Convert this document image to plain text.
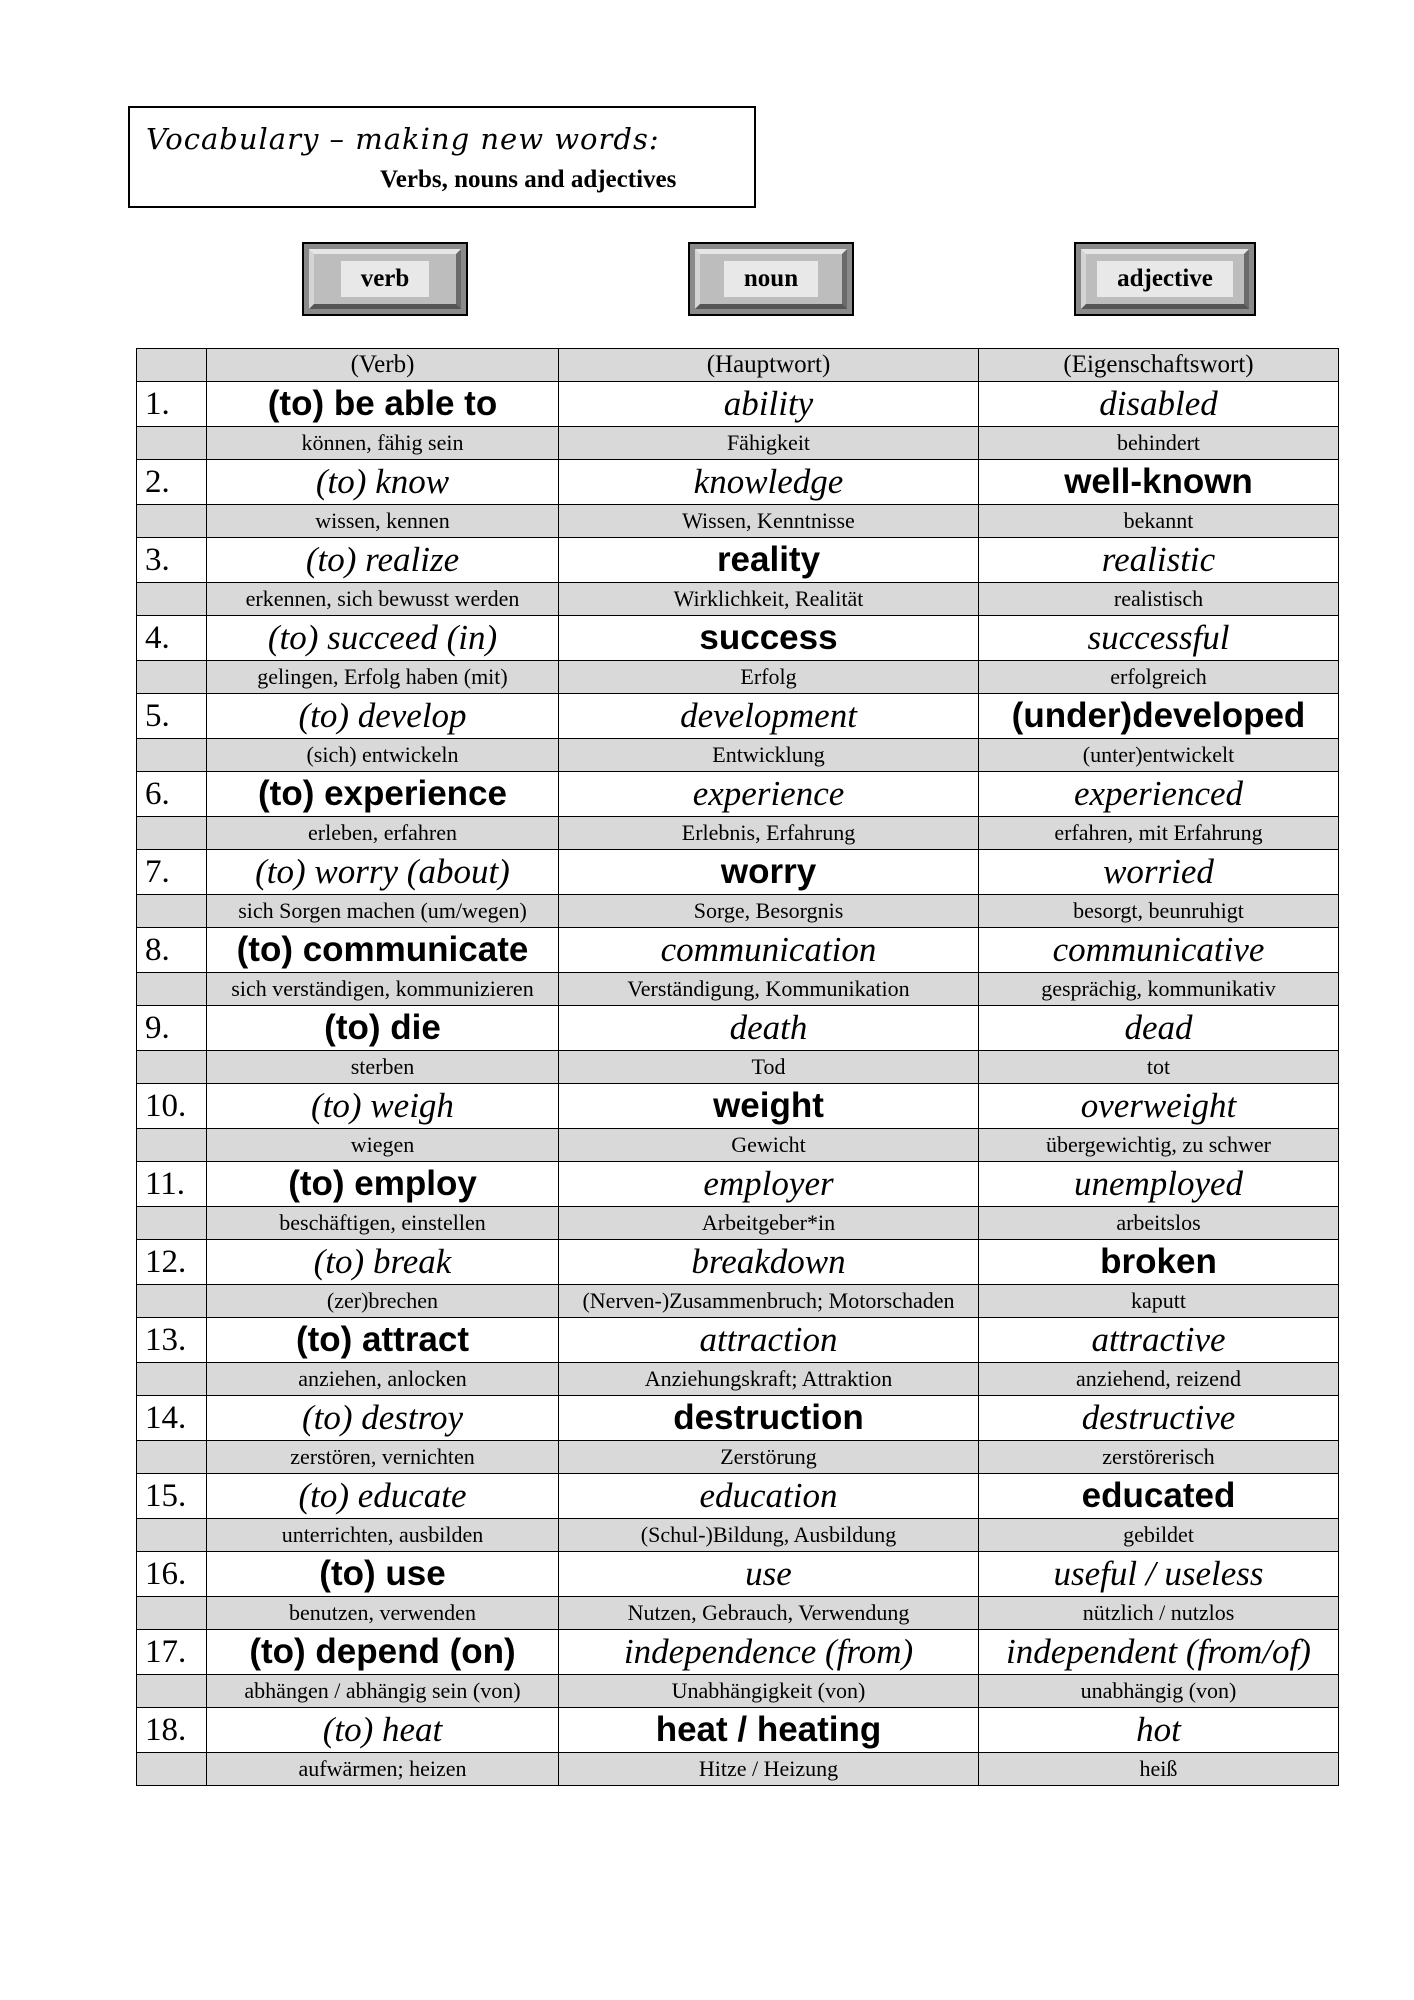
Vocabulary – making new words:
Verbs, nouns and adjectives
verb	noun	adjective
	(Verb)	(Hauptwort)	(Eigenschaftswort)
1.	(to) be able to	ability	disabled
	können, fähig sein	Fähigkeit	behindert
2.	(to) know	knowledge	well-known
	wissen, kennen	Wissen, Kenntnisse	bekannt
3.	(to) realize	reality	realistic
	erkennen, sich bewusst werden	Wirklichkeit, Realität	realistisch
4.	(to) succeed (in)	success	successful
	gelingen, Erfolg haben (mit)	Erfolg	erfolgreich
5.	(to) develop	development	(under)developed
	(sich) entwickeln	Entwicklung	(unter)entwickelt
6.	(to) experience	experience	experienced
	erleben, erfahren	Erlebnis, Erfahrung	erfahren, mit Erfahrung
7.	(to) worry (about)	worry	worried
	sich Sorgen machen (um/wegen)	Sorge, Besorgnis	besorgt, beunruhigt
8.	(to) communicate	communication	communicative
	sich verständigen, kommunizieren	Verständigung, Kommunikation	gesprächig, kommunikativ
9.	(to) die	death	dead
	sterben	Tod	tot
10.	(to) weigh	weight	overweight
	wiegen	Gewicht	übergewichtig, zu schwer
11.	(to) employ	employer	unemployed
	beschäftigen, einstellen	Arbeitgeber*in	arbeitslos
12.	(to) break	breakdown	broken
	(zer)brechen	(Nerven-)Zusammenbruch; Motorschaden	kaputt
13.	(to) attract	attraction	attractive
	anziehen, anlocken	Anziehungskraft; Attraktion	anziehend, reizend
14.	(to) destroy	destruction	destructive
	zerstören, vernichten	Zerstörung	zerstörerisch
15.	(to) educate	education	educated
	unterrichten, ausbilden	(Schul-)Bildung, Ausbildung	gebildet
16.	(to) use	use	useful / useless
	benutzen, verwenden	Nutzen, Gebrauch, Verwendung	nützlich / nutzlos
17.	(to) depend (on)	independence (from)	independent (from/of)
	abhängen / abhängig sein (von)	Unabhängigkeit (von)	unabhängig (von)
18.	(to) heat	heat / heating	hot
	aufwärmen; heizen	Hitze / Heizung	heiß
